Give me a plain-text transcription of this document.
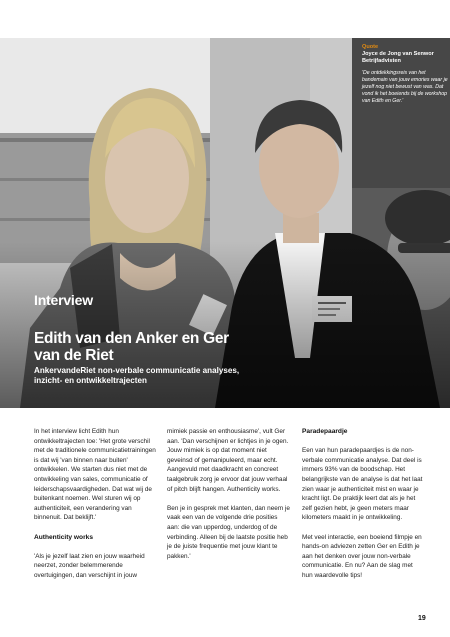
Quote
Joyce de Jong van Senwor Betrijfadvisten
'De ontdekkingsreis van het bandemain van jouw emories waar je jezelf nog niet bewust van was. Dat vond ik het boeiends bij de workshop van Edith en Ger.'
Interview
Edith van den Anker en Ger van de Riet
AnkervandeRiet non-verbale communicatie analyses, inzicht- en ontwikkeltrajecten

In het interview licht Edith hun ontwikkeltrajecten toe: 'Het grote verschil met de traditionele communicatietrainingen is dat wij 'van binnen naar buiten' ontwikkelen. We starten dus niet met de ontwikkeling van sales, communicatie of leiderschapsvaardigheden. Dat wat wij de buitenkant noemen. Wel sturen wij op authenticiteit, een verandering van binnenuit. Dat beklijft.'

Authenticity works

'Als je jezelf laat zien en jouw waarheid neerzet, zonder belemmerende overtuigingen, dan verschijnt in jouw

mimiek passie en enthousiasme', vult Ger aan. 'Dan verschijnen er lichtjes in je ogen. Jouw mimiek is op dat moment niet geveinsd of gemanipuleerd, maar echt. Aangevuld met daadkracht en concreet taalgebruik zorg je ervoor dat jouw verhaal of pitch blijft hangen. Authenticity works.

Ben je in gesprek met klanten, dan neem je vaak een van de volgende drie posities aan: die van upperdog, underdog of de verbinding. Alleen bij de laatste positie heb je de juiste frequentie met jouw klant te pakken.'

Paradepaardje

Een van hun paradepaardjes is de non-verbale communicatie analyse. Dat deel is immers 93% van de boodschap. Het belangrijkste van de analyse is dat het laat zien waar je authenticiteit mist en waar je kracht ligt. De praktijk leert dat als je het zelf gezien hebt, je geen meters maar kilometers maakt in je ontwikkeling.

Met veel interactie, een boeiend filmpje en hands-on adviezen zetten Ger en Edith je aan het denken over jouw non-verbale communicatie. En nu? Aan de slag met hun waardevolle tips!

19
